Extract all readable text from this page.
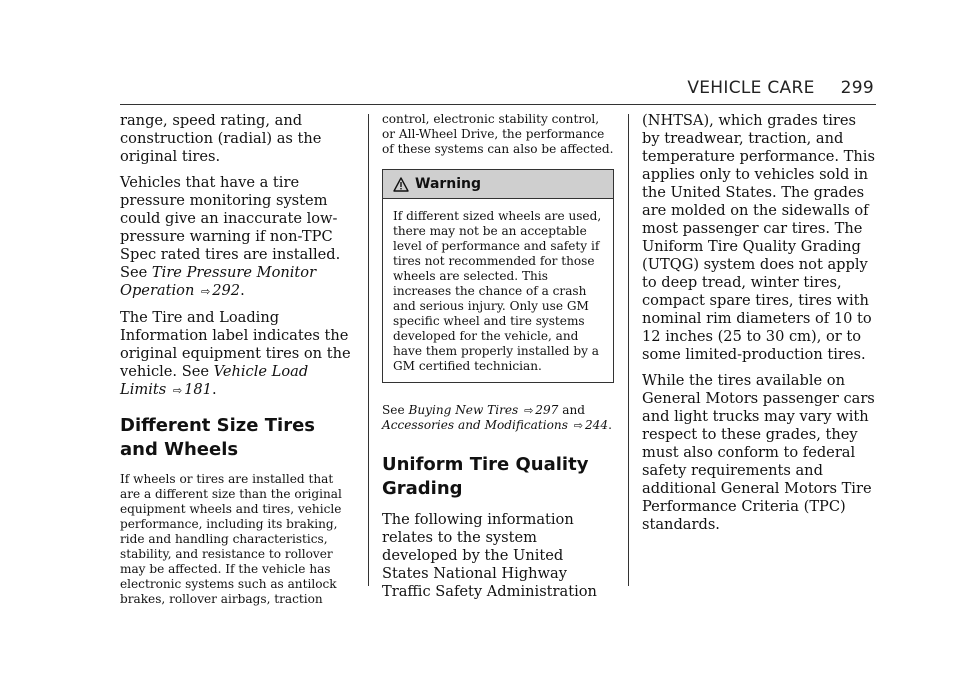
VEHICLE CARE 299

range, speed rating, and construction (radial) as the original tires.

Vehicles that have a tire pressure monitoring system could give an inaccurate low-pressure warning if non-TPC Spec rated tires are installed. See Tire Pressure Monitor Operation ⇨ 292.

The Tire and Loading Information label indicates the original equipment tires on the vehicle. See Vehicle Load Limits ⇨ 181.

Different Size Tires and Wheels

If wheels or tires are installed that are a different size than the original equipment wheels and tires, vehicle performance, including its braking, ride and handling characteristics, stability, and resistance to rollover may be affected. If the vehicle has electronic systems such as antilock brakes, rollover airbags, traction

control, electronic stability control, or All-Wheel Drive, the performance of these systems can also be affected.

Warning

If different sized wheels are used, there may not be an acceptable level of performance and safety if tires not recommended for those wheels are selected. This increases the chance of a crash and serious injury. Only use GM specific wheel and tire systems developed for the vehicle, and have them properly installed by a GM certified technician.

See Buying New Tires ⇨ 297 and Accessories and Modifications ⇨ 244.

Uniform Tire Quality Grading

The following information relates to the system developed by the United States National Highway Traffic Safety Administration

(NHTSA), which grades tires by treadwear, traction, and temperature performance. This applies only to vehicles sold in the United States. The grades are molded on the sidewalls of most passenger car tires. The Uniform Tire Quality Grading (UTQG) system does not apply to deep tread, winter tires, compact spare tires, tires with nominal rim diameters of 10 to 12 inches (25 to 30 cm), or to some limited-production tires.

While the tires available on General Motors passenger cars and light trucks may vary with respect to these grades, they must also conform to federal safety requirements and additional General Motors Tire Performance Criteria (TPC) standards.
